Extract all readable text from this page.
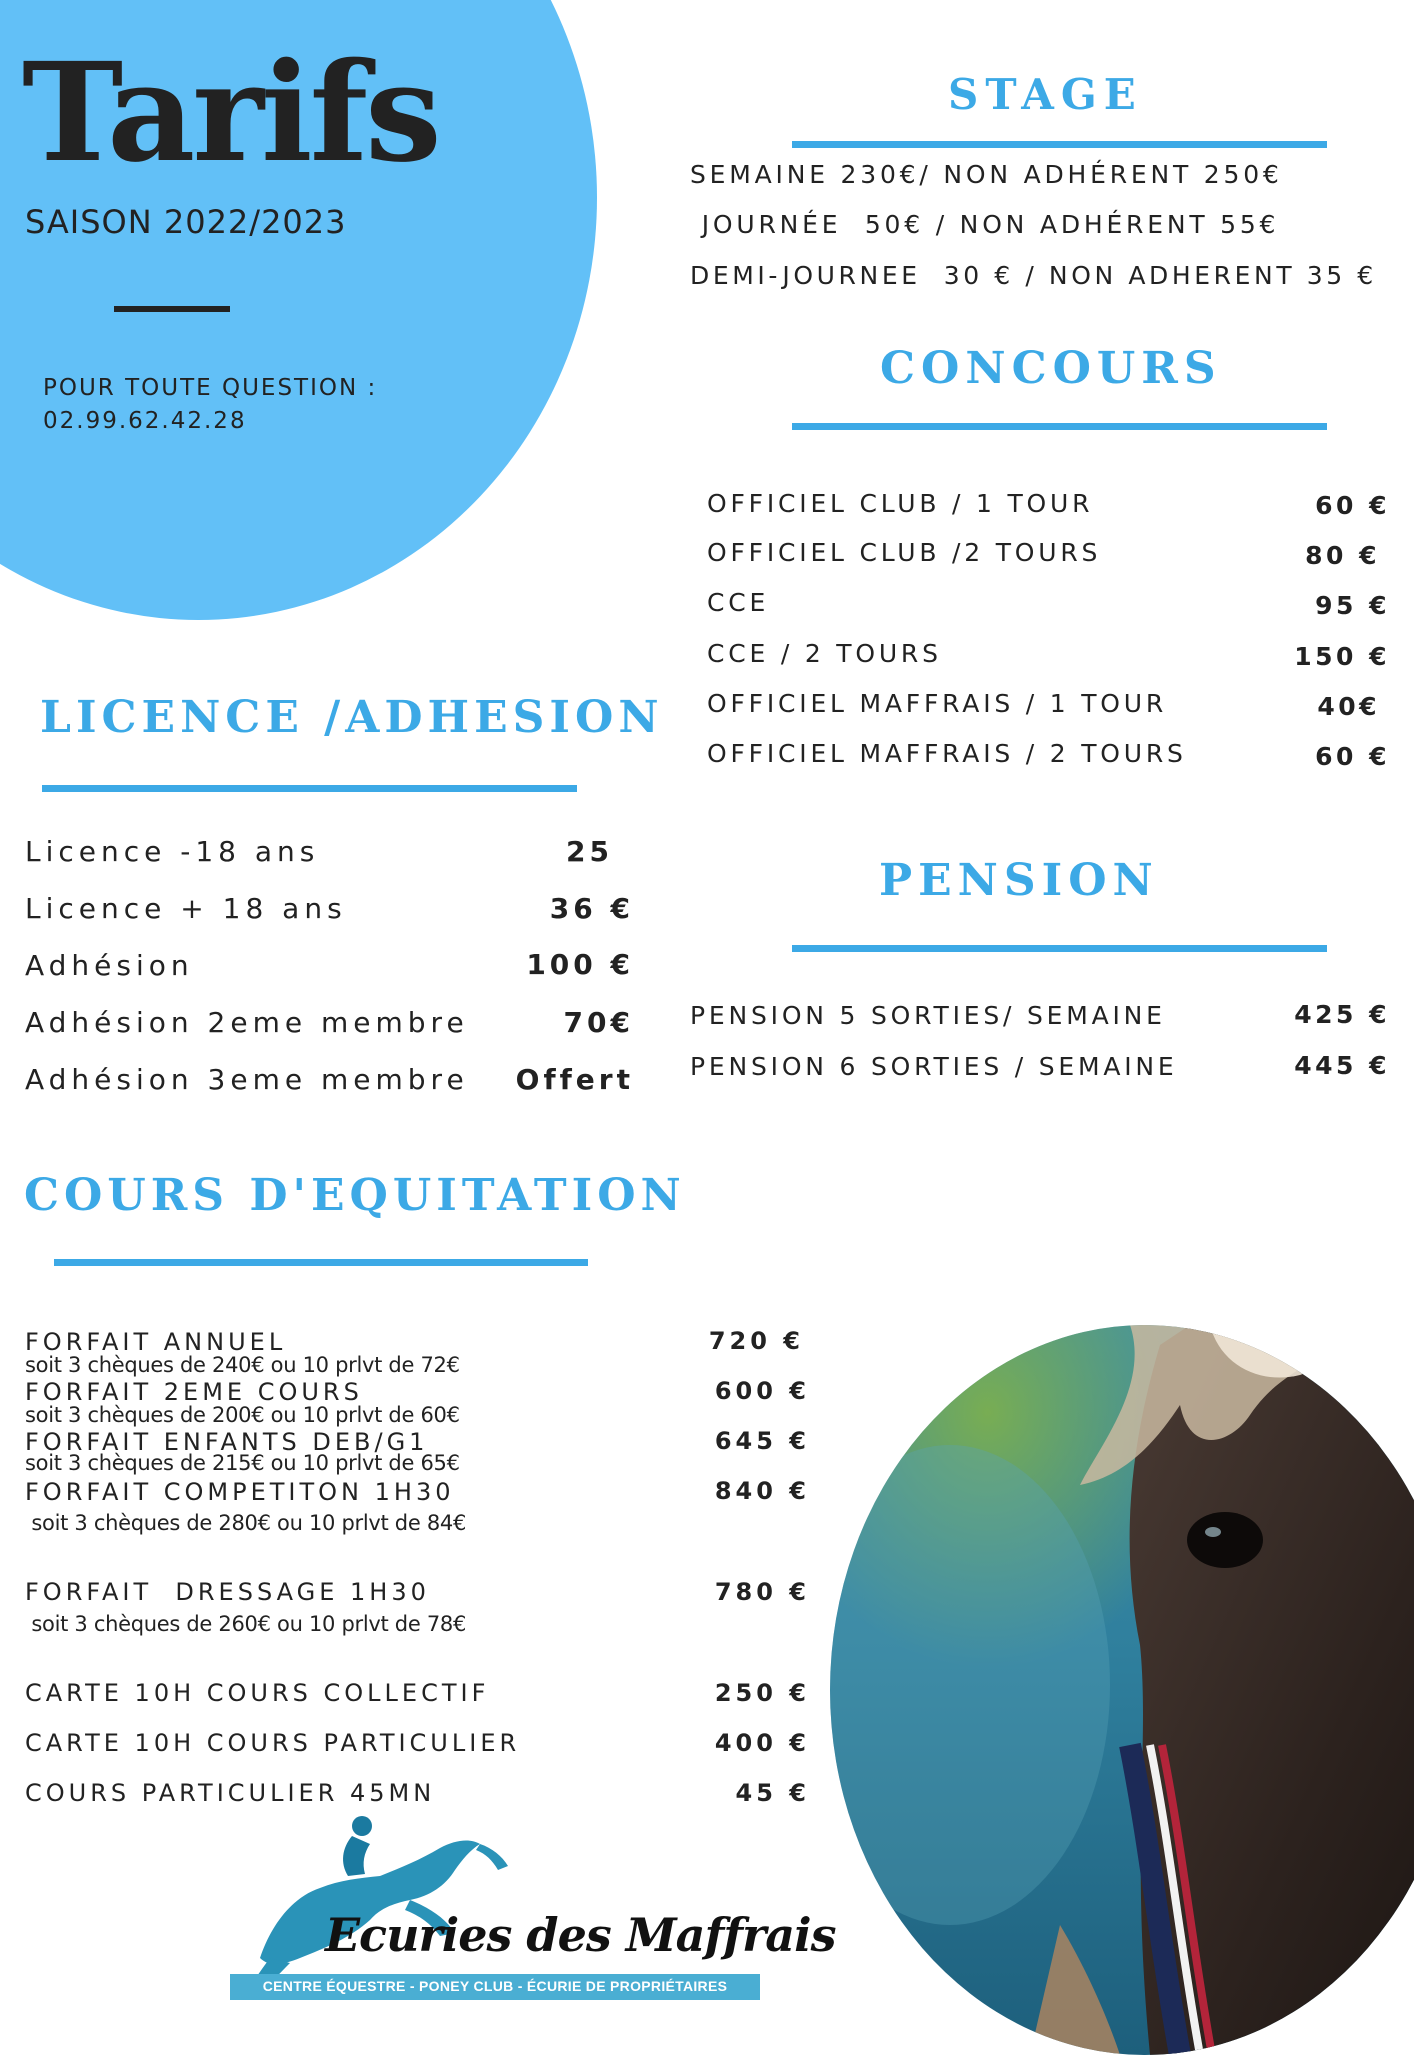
Tarifs
SAISON 2022/2023
POUR TOUTE QUESTION :
02.99.62.42.28
STAGE
SEMAINE 230€/ NON ADHÉRENT 250€
JOURNÉE  50€ / NON ADHÉRENT 55€
DEMI-JOURNEE  30 € / NON ADHERENT 35 €
CONCOURS
OFFICIEL CLUB / 1 TOUR	60 €
OFFICIEL CLUB /2 TOURS	80 €
CCE	95 €
CCE / 2 TOURS	150 €
OFFICIEL MAFFRAIS / 1 TOUR	40€
OFFICIEL MAFFRAIS / 2 TOURS	60 €
PENSION
PENSION 5 SORTIES/ SEMAINE	425 €
PENSION 6 SORTIES / SEMAINE	445 €
LICENCE /ADHESION
Licence -18 ans	25
Licence + 18 ans	36 €
Adhésion	100 €
Adhésion 2eme membre	70€
Adhésion 3eme membre	Offert
COURS D'EQUITATION
FORFAIT ANNUEL
soit 3 chèques de 240€ ou 10 prlvt de 72€
720 €
FORFAIT 2EME COURS
soit 3 chèques de 200€ ou 10 prlvt de 60€
600 €
FORFAIT ENFANTS DEB/G1
soit 3 chèques de 215€ ou 10 prlvt de 65€
645 €
FORFAIT COMPETITON 1H30
soit 3 chèques de 280€ ou 10 prlvt de 84€
840 €
FORFAIT  DRESSAGE 1H30
soit 3 chèques de 260€ ou 10 prlvt de 78€
780 €
CARTE 10H COURS COLLECTIF	250 €
CARTE 10H COURS PARTICULIER	400 €
COURS PARTICULIER 45MN	45 €
Ecuries des Maffrais
CENTRE ÉQUESTRE - PONEY CLUB - ÉCURIE DE PROPRIÉTAIRES
